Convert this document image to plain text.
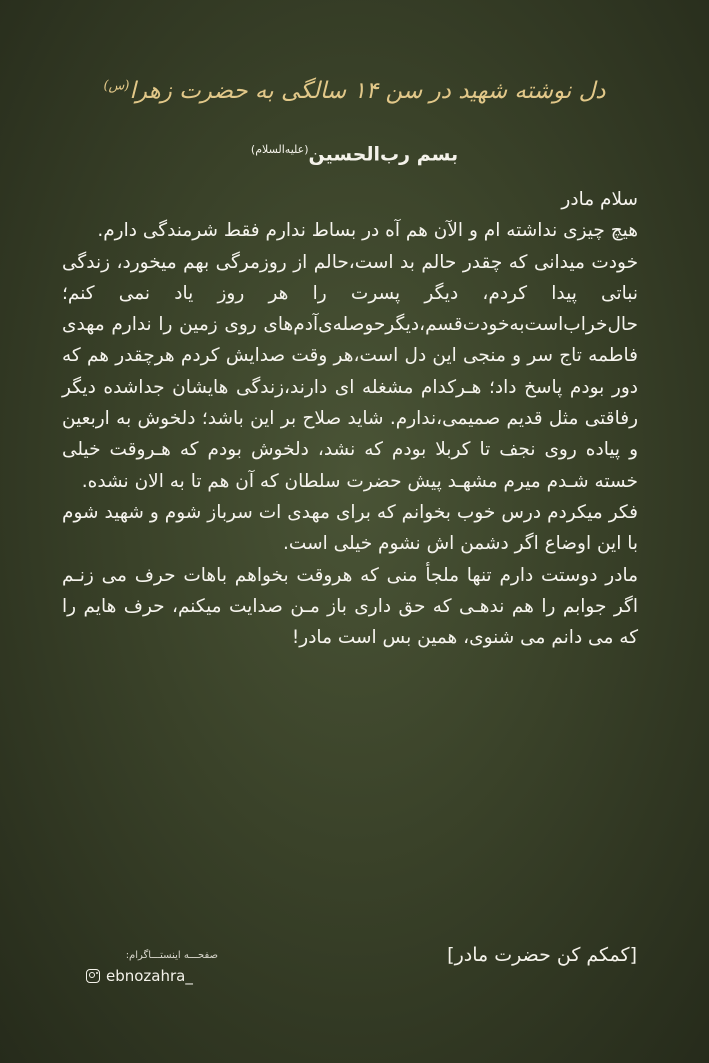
دل نوشته شهید در سن ۱۴ سالگی به حضرت زهرا$^{(س)}$
بسم رب‌الحسین$^{(علیه‌السلام)}$

سلام مادر

هیچ چیزی نداشته ام و الآن هم آه در بساط ندارم فقط شرمندگی دارم.

خودت میدانی که چقدر حالم بد است،حالم از روزمرگی بهم میخورد، زندگی نباتی پیدا کردم، دیگر پسرت را هر روز یاد نمی کنم؛حال‌خراب‌است‌به‌خودت‌قسم،دیگرحوصله‌ی‌آدم‌های روی زمین را ندارم مهدی فاطمه تاج سر و منجی این دل است،هر وقت صدایش کردم هرچقدر هم که دور بودم پاسخ داد؛ هـرکدام مشغله ای دارند،زندگی هایشان جداشده دیگر رفاقتی مثل قدیم صمیمی،ندارم. شاید صلاح بر این باشد؛ دلخوش به اربعین و پیاده روی نجف تا کربلا بودم که نشد، دلخوش بودم که هـروقت خیلی خسته شـدم میرم مشهـد پیش حضرت سلطان که آن هم تا به الان نشده.

فکر میکردم درس خوب بخوانم که برای مهدی ات سرباز شوم و شهید شوم با این اوضاع اگر دشمن اش نشوم خیلی است.

مادر دوستت دارم تنها ملجأ منی که هروقت بخواهم باهات حرف می زنـم اگر جوابم را هم ندهـی که حق داری باز مـن صدایت میکنم، حرف هایم را که می دانم می شنوی، همین بس است مادر!

[کمکم کن حضرت مادر]
صفحـــه اینستـــاگرام:
ebnozahra_
